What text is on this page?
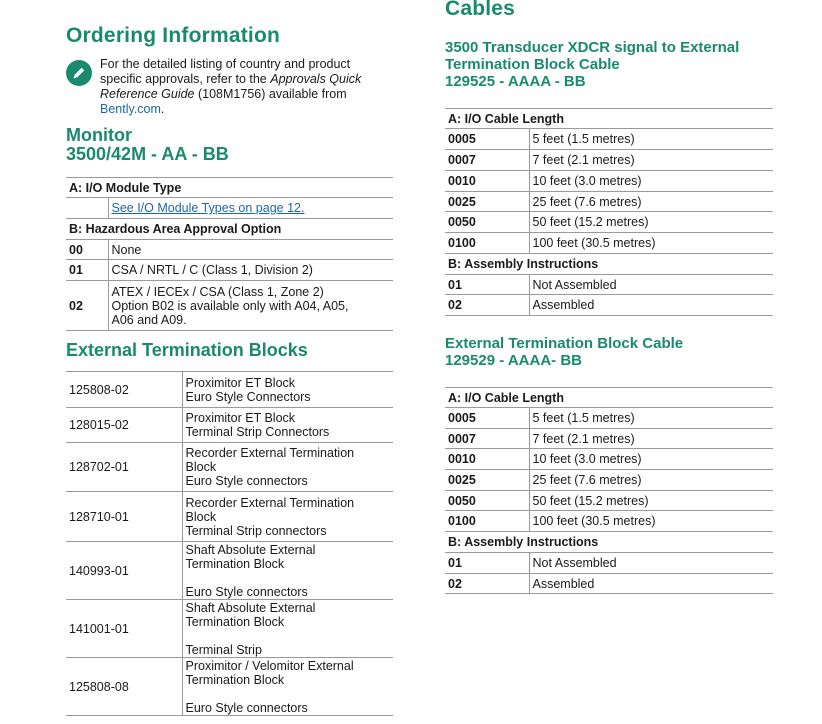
Ordering Information
For the detailed listing of country and product specific approvals, refer to the Approvals Quick Reference Guide (108M1756) available from Bently.com.
Monitor
3500/42M - AA - BB
A: I/O Module Type	
	See I/O Module Types on page 12.
B: Hazardous Area Approval Option	
00	None
01	CSA / NRTL / C (Class 1, Division 2)
02	ATEX / IECEx / CSA (Class 1, Zone 2)
Option B02 is available only with A04, A05,
A06 and A09.
External Termination Blocks
125808-02	Proximitor ET Block
Euro Style Connectors
128015-02	Proximitor ET Block
Terminal Strip Connectors
128702-01	Recorder External Termination
Block
Euro Style connectors
128710-01	Recorder External Termination
Block
Terminal Strip connectors
140993-01	Shaft Absolute External
Termination Block

Euro Style connectors
141001-01	Shaft Absolute External
Termination Block

Terminal Strip
125808-08	Proximitor / Velomitor External
Termination Block

Euro Style connectors
Cables
3500 Transducer XDCR signal to External
Termination Block Cable
129525 - AAAA - BB
A: I/O Cable Length	
0005	5 feet (1.5 metres)
0007	7 feet (2.1 metres)
0010	10 feet (3.0 metres)
0025	25 feet (7.6 metres)
0050	50 feet (15.2 metres)
0100	100 feet (30.5 metres)
B: Assembly Instructions	
01	Not Assembled
02	Assembled
External Termination Block Cable
129529 - AAAA- BB
A: I/O Cable Length	
0005	5 feet (1.5 metres)
0007	7 feet (2.1 metres)
0010	10 feet (3.0 metres)
0025	25 feet (7.6 metres)
0050	50 feet (15.2 metres)
0100	100 feet (30.5 metres)
B: Assembly Instructions	
01	Not Assembled
02	Assembled
